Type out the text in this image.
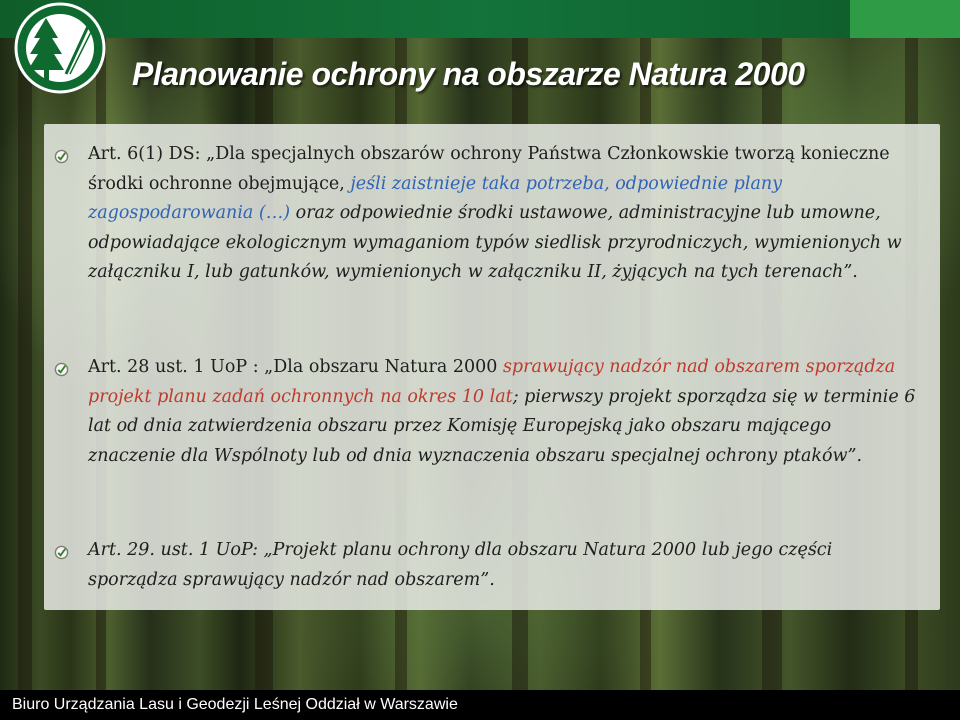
Planowanie ochrony na obszarze Natura 2000
Art. 6(1) DS: „Dla specjalnych obszarów ochrony Państwa Członkowskie tworzą konieczne środki ochronne obejmujące, jeśli zaistnieje taka potrzeba, odpowiednie plany zagospodarowania (…) oraz odpowiednie środki ustawowe, administracyjne lub umowne, odpowiadające ekologicznym wymaganiom typów siedlisk przyrodniczych, wymienionych w załączniku I, lub gatunków, wymienionych w załączniku II, żyjących na tych terenach”.
Art. 28 ust. 1 UoP : „Dla obszaru Natura 2000 sprawujący nadzór nad obszarem sporządza projekt planu zadań ochronnych na okres 10 lat; pierwszy projekt sporządza się w terminie 6 lat od dnia zatwierdzenia obszaru przez Komisję Europejską jako obszaru mającego znaczenie dla Wspólnoty lub od dnia wyznaczenia obszaru specjalnej ochrony ptaków”.
Art. 29. ust. 1 UoP: „Projekt planu ochrony dla obszaru Natura 2000 lub jego części sporządza sprawujący nadzór nad obszarem”.
Biuro Urządzania Lasu i Geodezji Leśnej Oddział w Warszawie
